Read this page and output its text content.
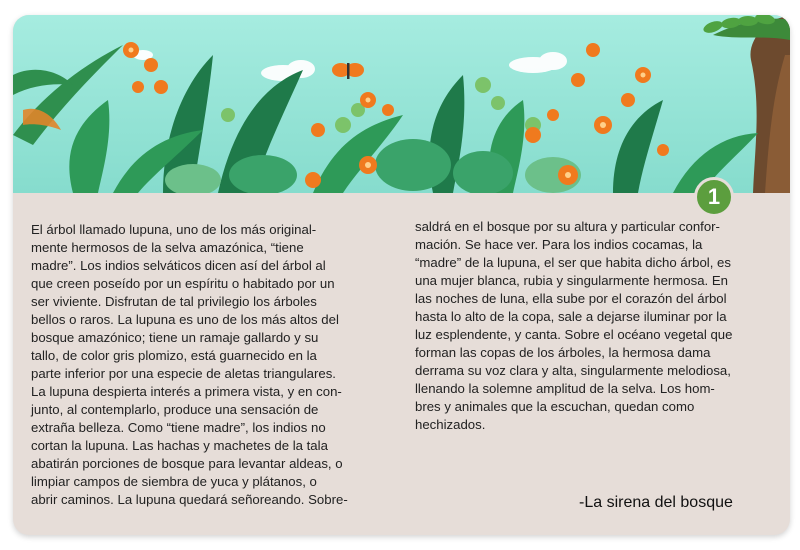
1

El árbol llamado lupuna, uno de los más original-
mente hermosos de la selva amazónica, “tiene
madre”. Los indios selváticos dicen así del árbol al
que creen poseído por un espíritu o habitado por un
ser viviente. Disfrutan de tal privilegio los árboles
bellos o raros. La lupuna es uno de los más altos del
bosque amazónico; tiene un ramaje gallardo y su
tallo, de color gris plomizo, está guarnecido en la
parte inferior por una especie de aletas triangulares.
La lupuna despierta interés a primera vista, y en con-
junto, al contemplarlo, produce una sensación de
extraña belleza. Como “tiene madre”, los indios no
cortan la lupuna. Las hachas y machetes de la tala
abatirán porciones de bosque para levantar aldeas, o
limpiar campos de siembra de yuca y plátanos, o
abrir caminos. La lupuna quedará señoreando. Sobre-

saldrá en el bosque por su altura y particular confor-
mación. Se hace ver. Para los indios cocamas, la
“madre” de la lupuna, el ser que habita dicho árbol, es
una mujer blanca, rubia y singularmente hermosa. En
las noches de luna, ella sube por el corazón del árbol
hasta lo alto de la copa, sale a dejarse iluminar por la
luz esplendente, y canta. Sobre el océano vegetal que
forman las copas de los árboles, la hermosa dama
derrama su voz clara y alta, singularmente melodiosa,
llenando la solemne amplitud de la selva. Los hom-
bres y animales que la escuchan, quedan como
hechizados.

-La sirena del bosque
